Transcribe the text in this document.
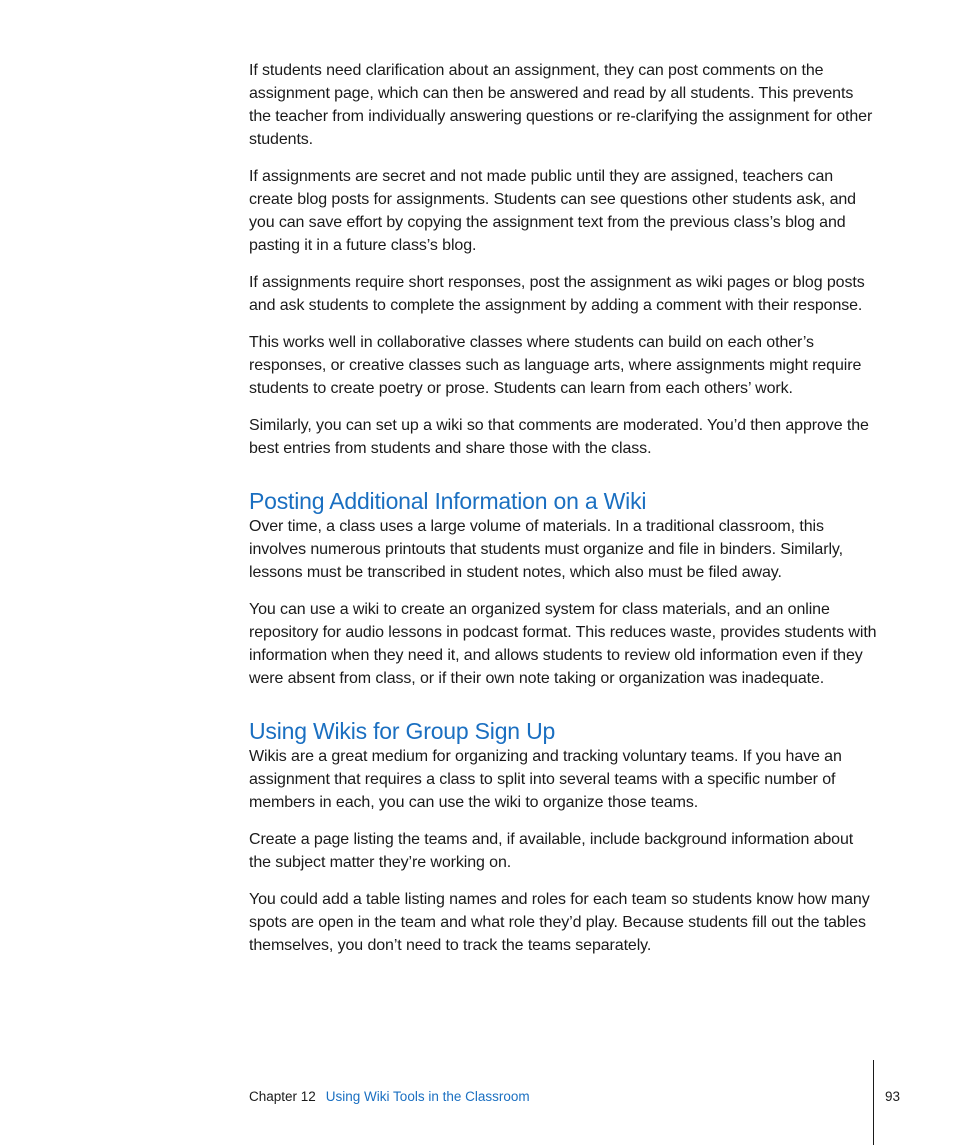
If students need clarification about an assignment, they can post comments on the assignment page, which can then be answered and read by all students. This prevents the teacher from individually answering questions or re-clarifying the assignment for other students.

If assignments are secret and not made public until they are assigned, teachers can create blog posts for assignments. Students can see questions other students ask, and you can save effort by copying the assignment text from the previous class’s blog and pasting it in a future class’s blog.

If assignments require short responses, post the assignment as wiki pages or blog posts and ask students to complete the assignment by adding a comment with their response.

This works well in collaborative classes where students can build on each other’s responses, or creative classes such as language arts, where assignments might require students to create poetry or prose. Students can learn from each others’ work.

Similarly, you can set up a wiki so that comments are moderated. You’d then approve the best entries from students and share those with the class.

Posting Additional Information on a Wiki

Over time, a class uses a large volume of materials. In a traditional classroom, this involves numerous printouts that students must organize and file in binders. Similarly, lessons must be transcribed in student notes, which also must be filed away.

You can use a wiki to create an organized system for class materials, and an online repository for audio lessons in podcast format. This reduces waste, provides students with information when they need it, and allows students to review old information even if they were absent from class, or if their own note taking or organization was inadequate.

Using Wikis for Group Sign Up

Wikis are a great medium for organizing and tracking voluntary teams. If you have an assignment that requires a class to split into several teams with a specific number of members in each, you can use the wiki to organize those teams.

Create a page listing the teams and, if available, include background information about the subject matter they’re working on.

You could add a table listing names and roles for each team so students know how many spots are open in the team and what role they’d play. Because students fill out the tables themselves, you don’t need to track the teams separately.

Chapter 12 Using Wiki Tools in the Classroom	93
